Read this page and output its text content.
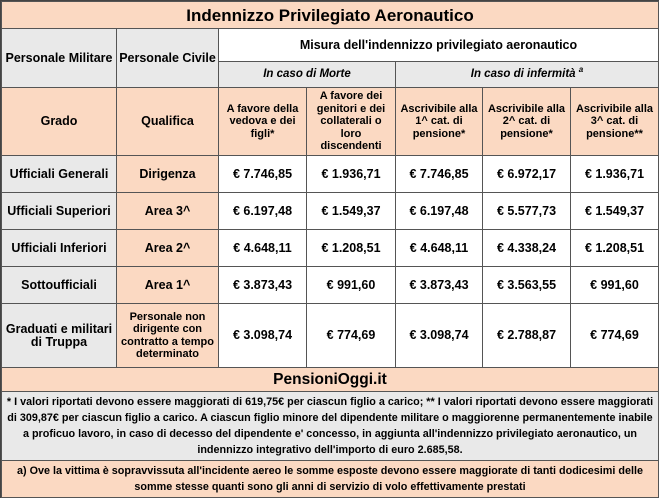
Indennizzo Privilegiato Aeronautico						
Personale Militare	Personale Civile	Misura dell'indennizzo privilegiato aeronautico				
		In caso di Morte		In caso di infermità $^a$
Grado	Qualifica	A favore della vedova e dei figli*	A favore dei genitori e dei collaterali o loro discendenti	Ascrivibile alla 1^ cat. di pensione*	Ascrivibile alla 2^ cat. di pensione*	Ascrivibile alla 3^ cat. di pensione**
Ufficiali Generali	Dirigenza	€ 7.746,85	€ 1.936,71	€ 7.746,85	€ 6.972,17	€ 1.936,71
Ufficiali Superiori	Area 3^	€ 6.197,48	€ 1.549,37	€ 6.197,48	€ 5.577,73	€ 1.549,37
Ufficiali Inferiori	Area 2^	€ 4.648,11	€ 1.208,51	€ 4.648,11	€ 4.338,24	€ 1.208,51
Sottoufficiali	Area 1^	€ 3.873,43	€ 991,60	€ 3.873,43	€ 3.563,55	€ 991,60
Graduati e militari di Truppa	Personale non dirigente con contratto a tempo determinato	€ 3.098,74	€ 774,69	€ 3.098,74	€ 2.788,87	€ 774,69
PensioniOggi.it						
* I valori riportati devono essere maggiorati di 619,75€ per ciascun figlio a carico; ** I valori riportati devono essere maggiorati di 309,87€ per ciascun figlio a carico. A ciascun figlio minore del dipendente militare o maggiorenne permanentemente inabile a proficuo lavoro, in caso di decesso del dipendente e' concesso, in aggiunta all'indennizzo privilegiato aeronautico, un indennizzo integrativo dell'importo di euro 2.685,58.						
a) Ove la vittima è sopravvissuta all'incidente aereo le somme esposte devono essere maggiorate di tanti dodicesimi delle somme stesse quanti sono gli anni di servizio di volo effettivamente prestati						
